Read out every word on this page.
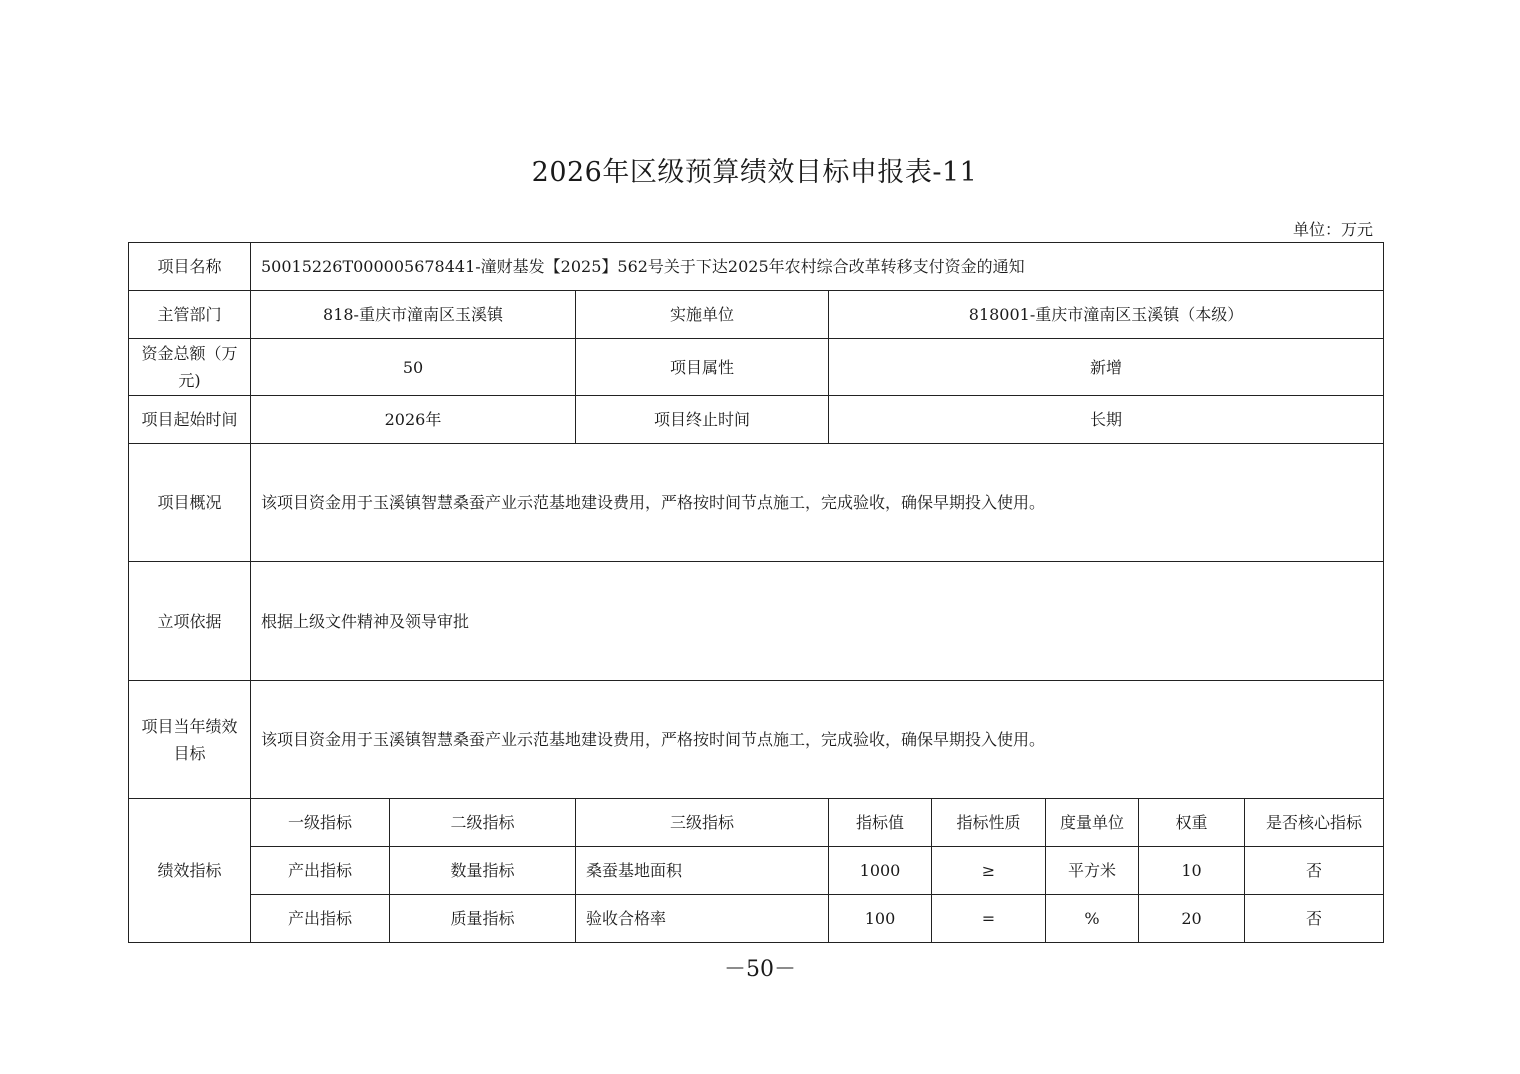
2026年区级预算绩效目标申报表-11
单位：万元
项目名称	50015226T000005678441-潼财基发【2025】562号关于下达2025年农村综合改革转移支付资金的通知							
主管部门	818-重庆市潼南区玉溪镇		实施单位	818001-重庆市潼南区玉溪镇（本级）				
资金总额（万元)	50		项目属性	新增				
项目起始时间	2026年		项目终止时间	长期				
项目概况	该项目资金用于玉溪镇智慧桑蚕产业示范基地建设费用，严格按时间节点施工，完成验收，确保早期投入使用。							
立项依据	根据上级文件精神及领导审批							
项目当年绩效目标	该项目资金用于玉溪镇智慧桑蚕产业示范基地建设费用，严格按时间节点施工，完成验收，确保早期投入使用。							
绩效指标	一级指标	二级指标	三级指标	指标值	指标性质	度量单位	权重	是否核心指标
	产出指标	数量指标	桑蚕基地面积	1000	≥	平方米	10	否
	产出指标	质量指标	验收合格率	100	=	%	20	否
－50－
